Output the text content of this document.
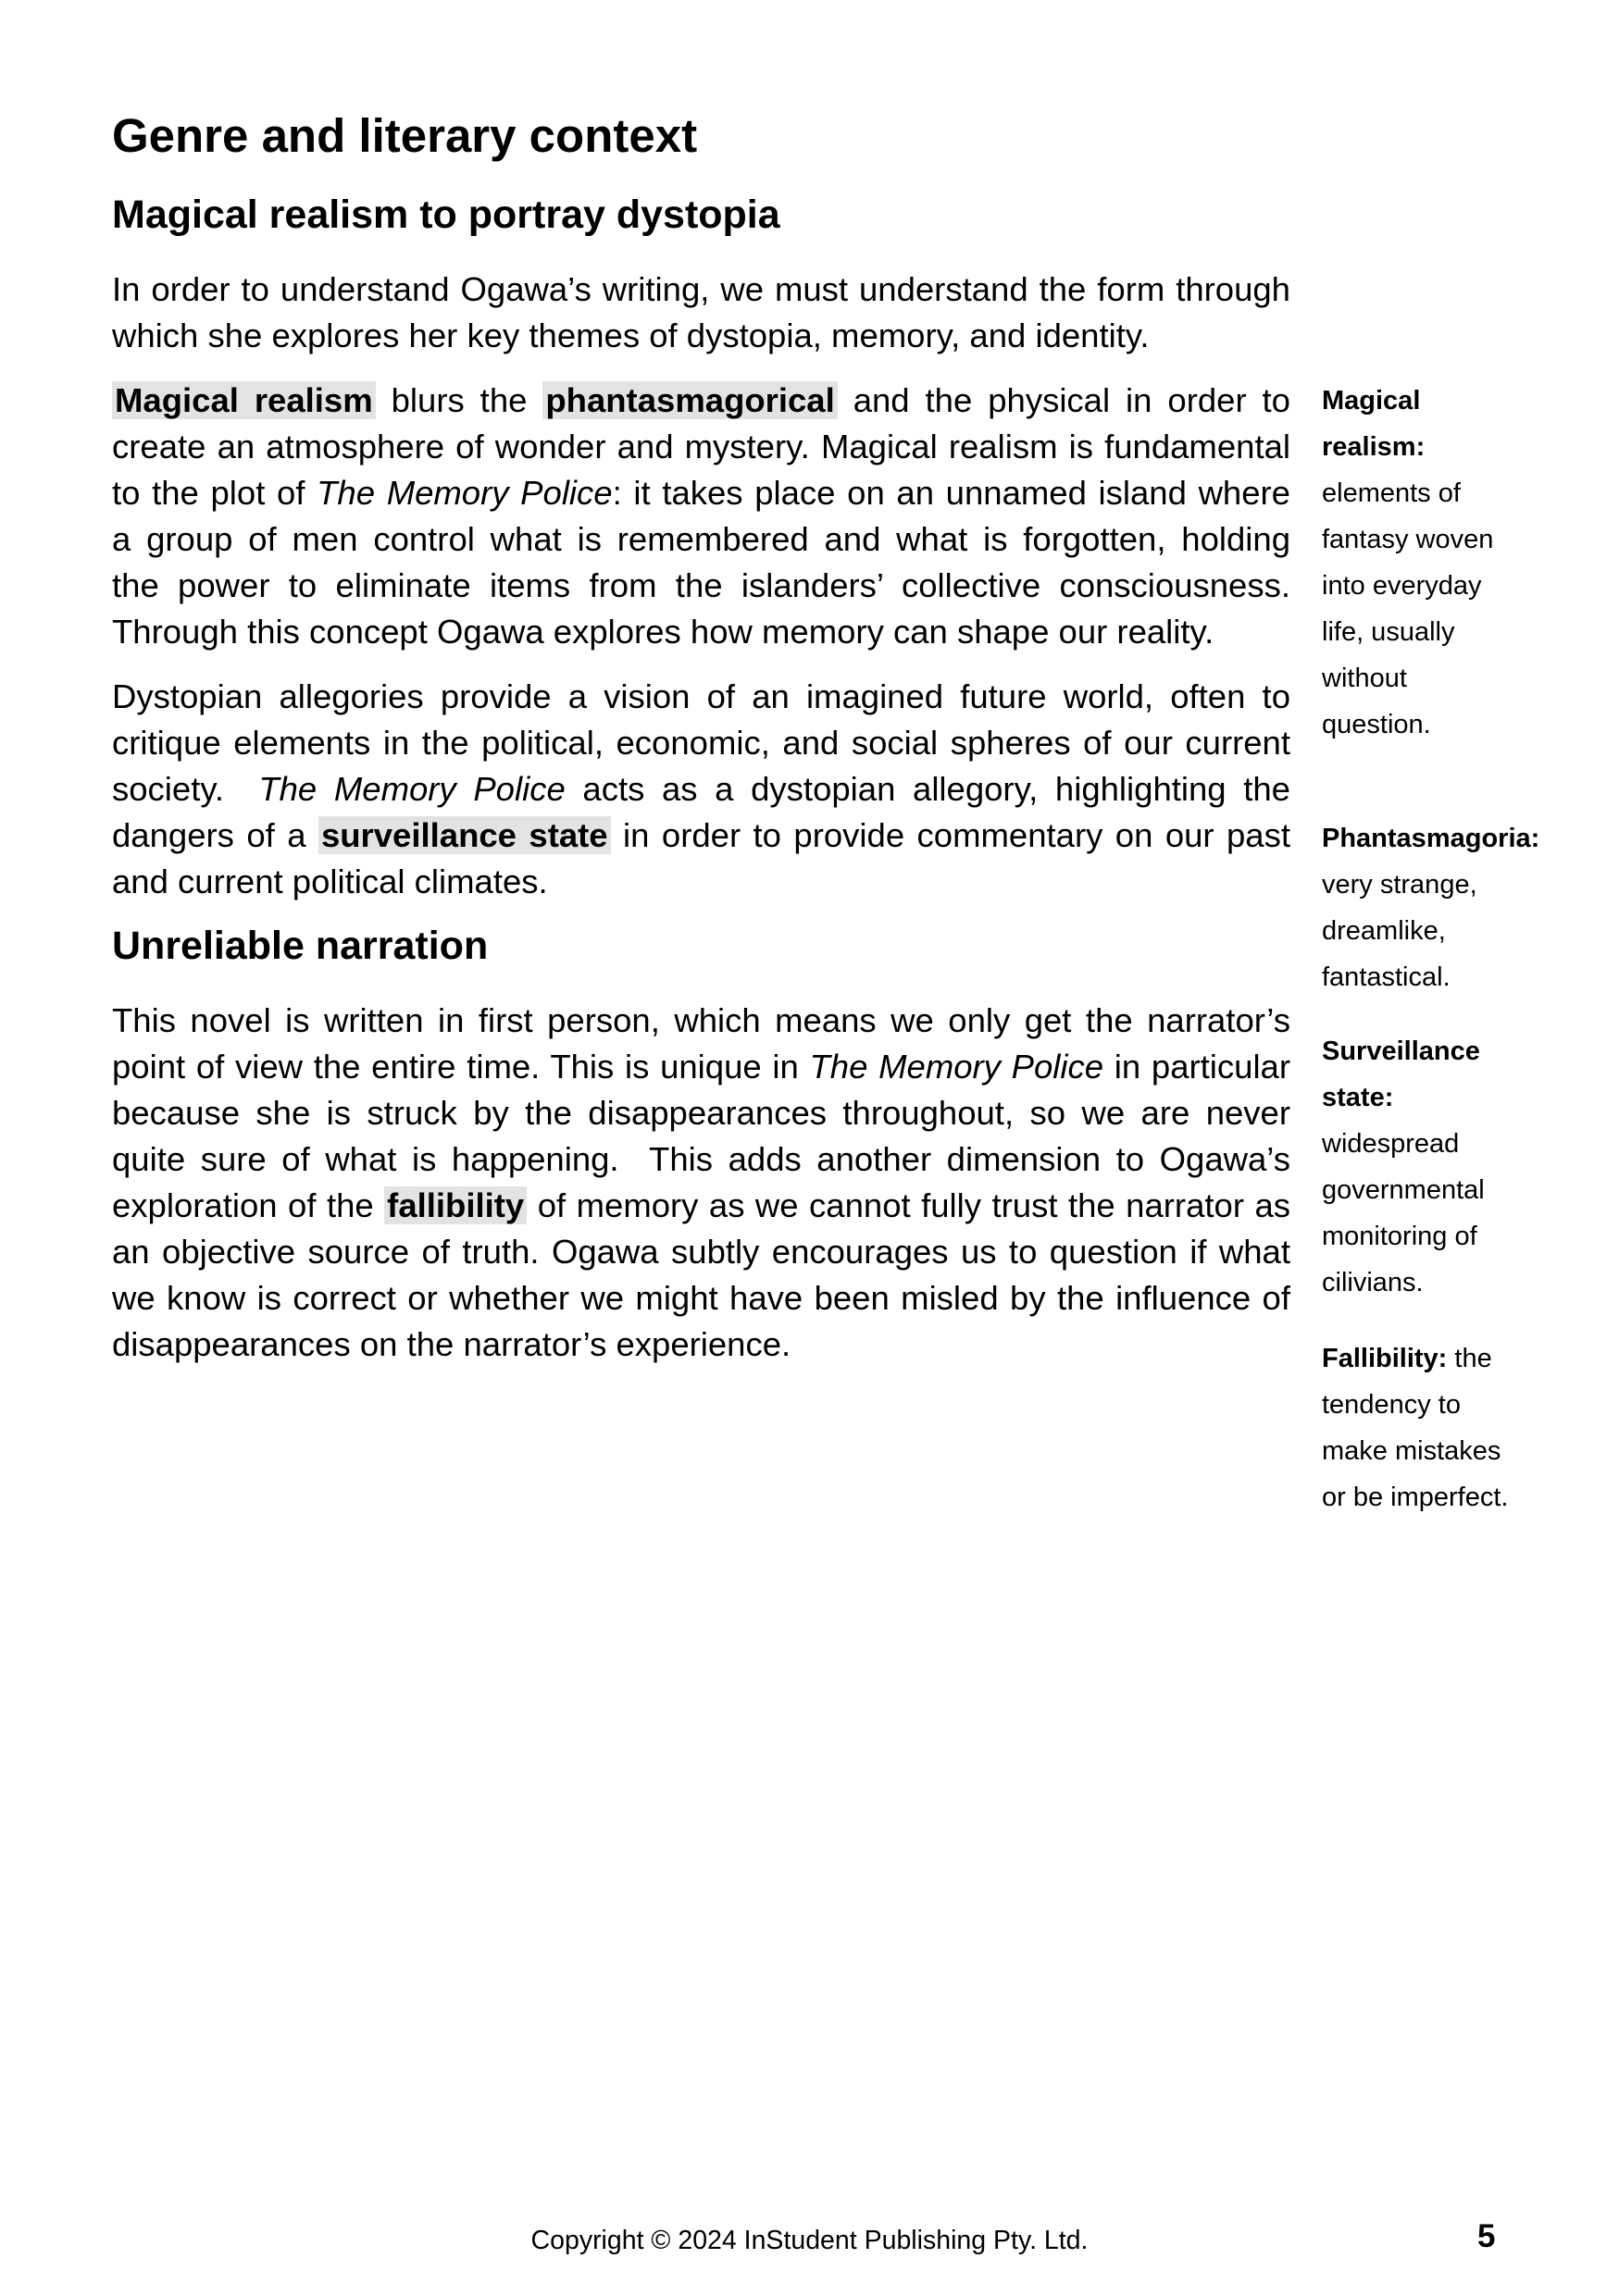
Genre and literary context
Magical realism to portray dystopia

In order to understand Ogawa’s writing, we must understand the form through
which she explores her key themes of dystopia, memory, and identity.

Magical realism blurs the phantasmagorical and the physical in order to
create an atmosphere of wonder and mystery. Magical realism is fundamental
to the plot of The Memory Police: it takes place on an unnamed island where
a group of men control what is remembered and what is forgotten, holding
the power to eliminate items from the islanders’ collective consciousness.
Through this concept Ogawa explores how memory can shape our reality.

Dystopian allegories provide a vision of an imagined future world, often to
critique elements in the political, economic, and social spheres of our current
society.  The Memory Police acts as a dystopian allegory, highlighting the
dangers of a surveillance state in order to provide commentary on our past
and current political climates.

Unreliable narration

This novel is written in first person, which means we only get the narrator’s
point of view the entire time. This is unique in The Memory Police in particular
because she is struck by the disappearances throughout, so we are never
quite sure of what is happening.  This adds another dimension to Ogawa’s
exploration of the fallibility of memory as we cannot fully trust the narrator as
an objective source of truth. Ogawa subtly encourages us to question if what
we know is correct or whether we might have been misled by the influence of
disappearances on the narrator’s experience.

Magical
realism:
elements of
fantasy woven
into everyday
life, usually
without
question.
Phantasmagoria:
very strange,
dreamlike,
fantastical.
Surveillance
state:
widespread
governmental
monitoring of
cilivians.
Fallibility: the
tendency to
make mistakes
or be imperfect.
Copyright © 2024 InStudent Publishing Pty. Ltd.	5
